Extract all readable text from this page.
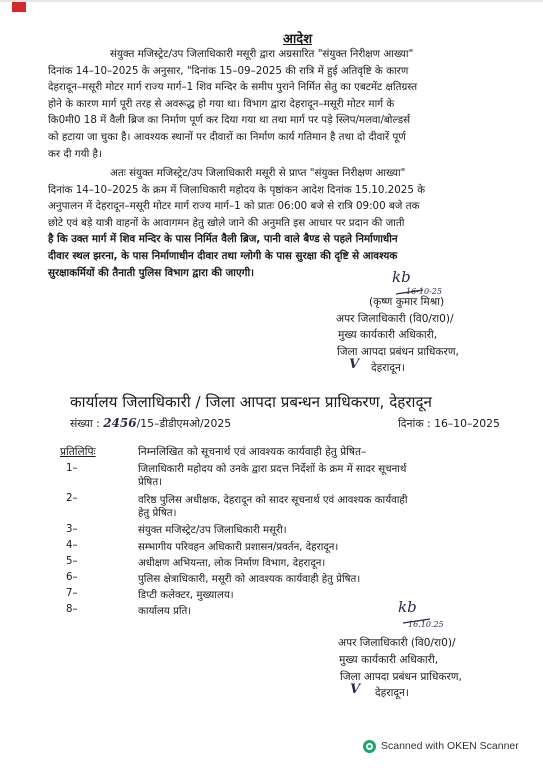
आदेश
संयुक्त मजिस्ट्रेट/उप जिलाधिकारी मसूरी द्वारा अग्रसारित "संयुक्त निरीक्षण आख्या"
दिनांक 14–10–2025 के अनुसार, "दिनांक 15–09–2025 की रात्रि में हुई अतिवृष्टि के कारण
देहरादून–मसूरी मोटर मार्ग राज्य मार्ग–1 शिव मन्दिर के समीप पुराने निर्मित सेतु का एबटमेंट क्षतिग्रस्त
होने के कारण मार्ग पूरी तरह से अवरूद्ध हो गया था। विभाग द्वारा देहरादून–मसूरी मोटर मार्ग के
कि0मी0 18 में वैली ब्रिज का निर्माण पूर्ण कर दिया गया था तथा मार्ग पर पड़े स्लिप/मलवा/बोल्डर्स
को हटाया जा चुका है। आवश्यक स्थानों पर दीवारों का निर्माण कार्य गतिमान है तथा दो दीवारें पूर्ण
कर दी गयी है।
अतः संयुक्त मजिस्ट्रेट/उप जिलाधिकारी मसूरी से प्राप्त "संयुक्त निरीक्षण आख्या"
दिनांक 14–10–2025 के क्रम में जिलाधिकारी महोदय के पृष्ठांकन आदेश दिनांक 15.10.2025 के
अनुपालन में देहरादून–मसूरी मोटर मार्ग राज्य मार्ग–1 को प्रातः 06:00 बजे से रात्रि 09:00 बजे तक
छोटे एवं बड़े यात्री वाहनों के आवागमन हेतु खोले जाने की अनुमति इस आधार पर प्रदान की जाती
है कि उक्त मार्ग में शिव मन्दिर के पास निर्मित वैली ब्रिज, पानी वाले बैण्ड से पहले निर्माणाधीन
दीवार स्थल झरना, के पास निर्माणाधीन दीवार तथा ग्लोगी के पास सुरक्षा की दृष्टि से आवश्यक
सुरक्षाकर्मियों की तैनाती पुलिस विभाग द्वारा की जाएगी।	kb
16-10-25
(कृष्ण कुमार मिश्रा)
अपर जिलाधिकारी (वि0/रा0)/
मुख्य कार्यकारी अधिकारी,
जिला आपदा प्रबंधन प्राधिकरण,
V देहरादून।
कार्यालय जिलाधिकारी / जिला आपदा प्रबन्धन प्राधिकरण, देहरादून
संख्या : 2456/15–डीडीएमओ/2025	दिनांक : 16–10–2025
प्रतिलिपिः	निम्नलिखित को सूचनार्थ एवं आवश्यक कार्यवाही हेतु प्रेषित–
1–	जिलाधिकारी महोदय को उनके द्वारा प्रदत्त निर्देशों के क्रम में सादर सूचनार्थ
प्रेषित।
2–	वरिष्ठ पुलिस अधीक्षक, देहरादून को सादर सूचनार्थ एवं आवश्यक कार्यवाही
हेतु प्रेषित।
3–	संयुक्त मजिस्ट्रेट/उप जिलाधिकारी मसूरी।
4–	सम्भागीय परिवहन अधिकारी प्रशासन/प्रवर्तन, देहरादून।
5–	अधीक्षण अभियन्ता, लोक निर्माण विभाग, देहरादून।
6–	पुलिस क्षेत्राधिकारी, मसूरी को आवश्यक कार्यवाही हेतु प्रेषित।
7–	डिप्टी कलेक्टर, मुख्यालय।
8–	कार्यालय प्रति।	kb
16.10.25
अपर जिलाधिकारी (वि0/रा0)/
मुख्य कार्यकारी अधिकारी,
जिला आपदा प्रबंधन प्राधिकरण,
V देहरादून।
Scanned with OKEN Scanner
